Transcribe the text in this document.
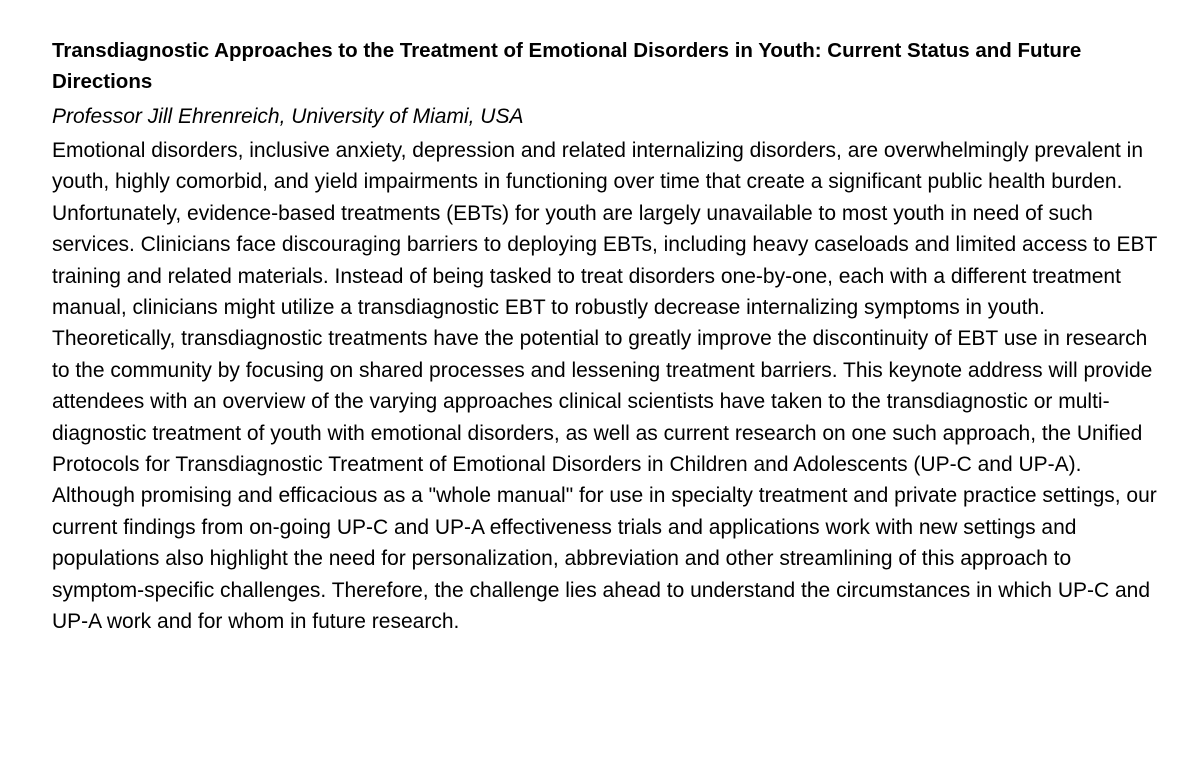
Transdiagnostic Approaches to the Treatment of Emotional Disorders in Youth: Current Status and Future Directions

Professor Jill Ehrenreich, University of Miami, USA

Emotional disorders, inclusive anxiety, depression and related internalizing disorders, are overwhelmingly prevalent in youth, highly comorbid, and yield impairments in functioning over time that create a significant public health burden. Unfortunately, evidence-based treatments (EBTs) for youth are largely unavailable to most youth in need of such services. Clinicians face discouraging barriers to deploying EBTs, including heavy caseloads and limited access to EBT training and related materials. Instead of being tasked to treat disorders one-by-one, each with a different treatment manual, clinicians might utilize a transdiagnostic EBT to robustly decrease internalizing symptoms in youth. Theoretically, transdiagnostic treatments have the potential to greatly improve the discontinuity of EBT use in research to the community by focusing on shared processes and lessening treatment barriers. This keynote address will provide attendees with an overview of the varying approaches clinical scientists have taken to the transdiagnostic or multi-diagnostic treatment of youth with emotional disorders, as well as current research on one such approach, the Unified Protocols for Transdiagnostic Treatment of Emotional Disorders in Children and Adolescents (UP-C and UP-A). Although promising and efficacious as a "whole manual" for use in specialty treatment and private practice settings, our current findings from on-going UP-C and UP-A effectiveness trials and applications work with new settings and populations also highlight the need for personalization, abbreviation and other streamlining of this approach to symptom-specific challenges. Therefore, the challenge lies ahead to understand the circumstances in which UP-C and UP-A work and for whom in future research.
